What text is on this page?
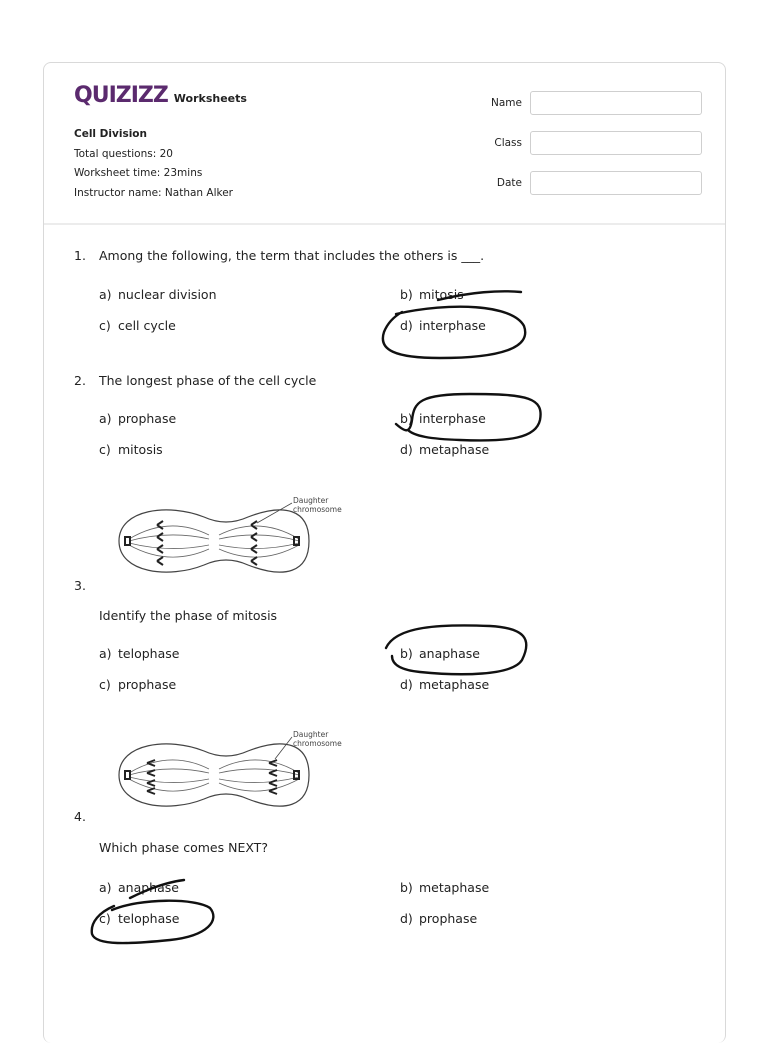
QUIZIZZ Worksheets
Cell Division
Total questions: 20
Worksheet time: 23mins
Instructor name: Nathan Alker
Name
Class
Date
1. Among the following, the term that includes the others is ___.
a) nuclear division	b) mitosis
c) cell cycle	d) interphase
2. The longest phase of the cell cycle
a) prophase	b) interphase
c) mitosis	d) metaphase
Daughter
chromosome
3.
Identify the phase of mitosis
a) telophase	b) anaphase
c) prophase	d) metaphase
Daughter
chromosome
4.
Which phase comes NEXT?
a) anaphase	b) metaphase
c) telophase	d) prophase
